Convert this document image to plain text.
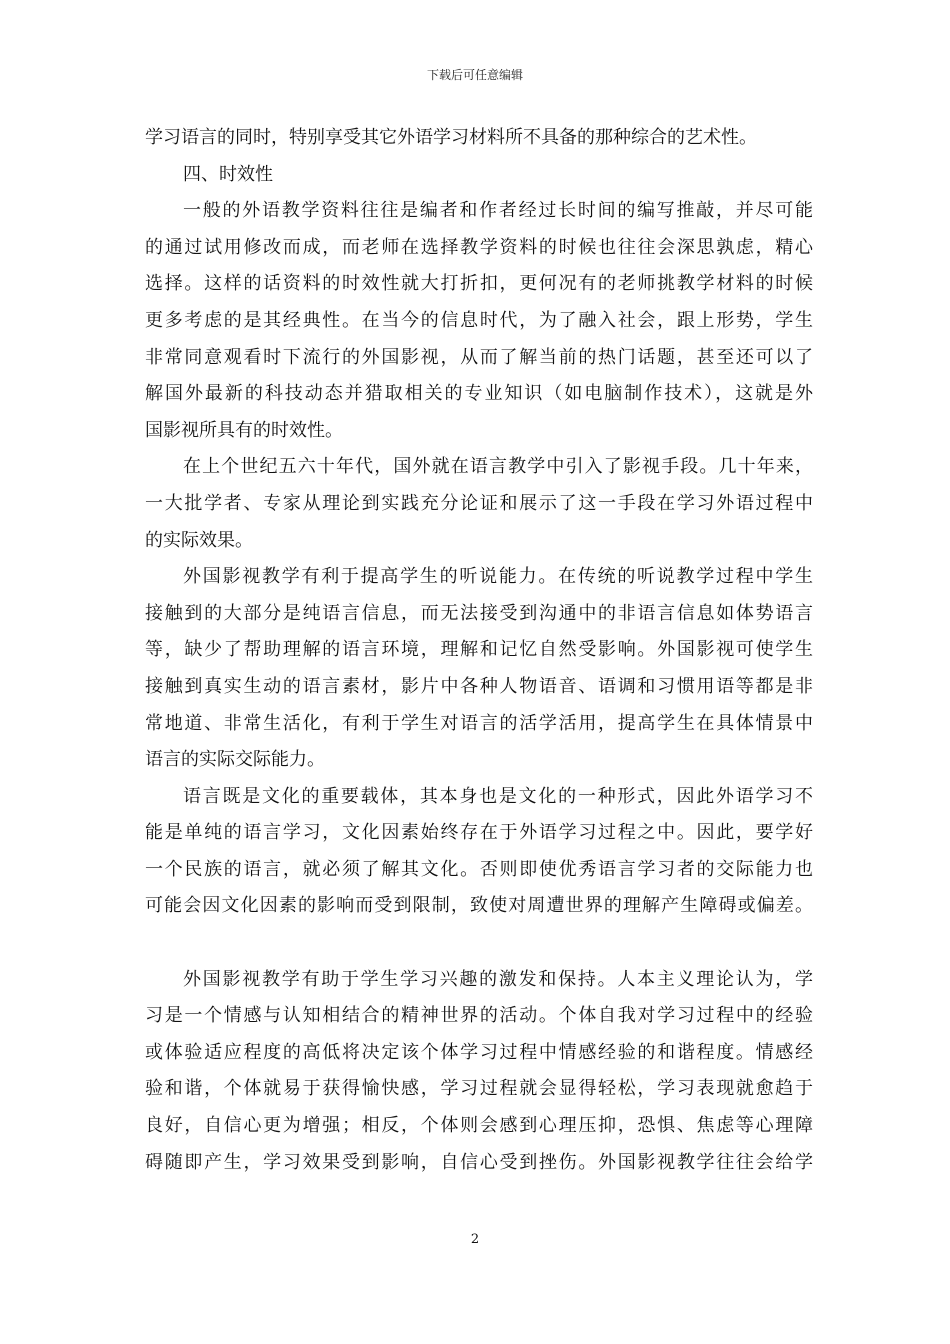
下载后可任意编辑
学习语言的同时，特别享受其它外语学习材料所不具备的那种综合的艺术性。
四、时效性
一般的外语教学资料往往是编者和作者经过长时间的编写推敲，并尽可能
的通过试用修改而成，而老师在选择教学资料的时候也往往会深思孰虑，精心
选择。这样的话资料的时效性就大打折扣，更何况有的老师挑教学材料的时候
更多考虑的是其经典性。在当今的信息时代，为了融入社会，跟上形势，学生
非常同意观看时下流行的外国影视，从而了解当前的热门话题，甚至还可以了
解国外最新的科技动态并猎取相关的专业知识（如电脑制作技术），这就是外
国影视所具有的时效性。
在上个世纪五六十年代，国外就在语言教学中引入了影视手段。几十年来，
一大批学者、专家从理论到实践充分论证和展示了这一手段在学习外语过程中
的实际效果。
外国影视教学有利于提高学生的听说能力。在传统的听说教学过程中学生
接触到的大部分是纯语言信息，而无法接受到沟通中的非语言信息如体势语言
等，缺少了帮助理解的语言环境，理解和记忆自然受影响。外国影视可使学生
接触到真实生动的语言素材，影片中各种人物语音、语调和习惯用语等都是非
常地道、非常生活化，有利于学生对语言的活学活用，提高学生在具体情景中
语言的实际交际能力。
语言既是文化的重要载体，其本身也是文化的一种形式，因此外语学习不
能是单纯的语言学习，文化因素始终存在于外语学习过程之中。因此，要学好
一个民族的语言，就必须了解其文化。否则即使优秀语言学习者的交际能力也
可能会因文化因素的影响而受到限制，致使对周遭世界的理解产生障碍或偏差。
外国影视教学有助于学生学习兴趣的激发和保持。人本主义理论认为，学
习是一个情感与认知相结合的精神世界的活动。个体自我对学习过程中的经验
或体验适应程度的高低将决定该个体学习过程中情感经验的和谐程度。情感经
验和谐，个体就易于获得愉快感，学习过程就会显得轻松，学习表现就愈趋于
良好，自信心更为增强；相反，个体则会感到心理压抑，恐惧、焦虑等心理障
碍随即产生，学习效果受到影响，自信心受到挫伤。外国影视教学往往会给学
2
